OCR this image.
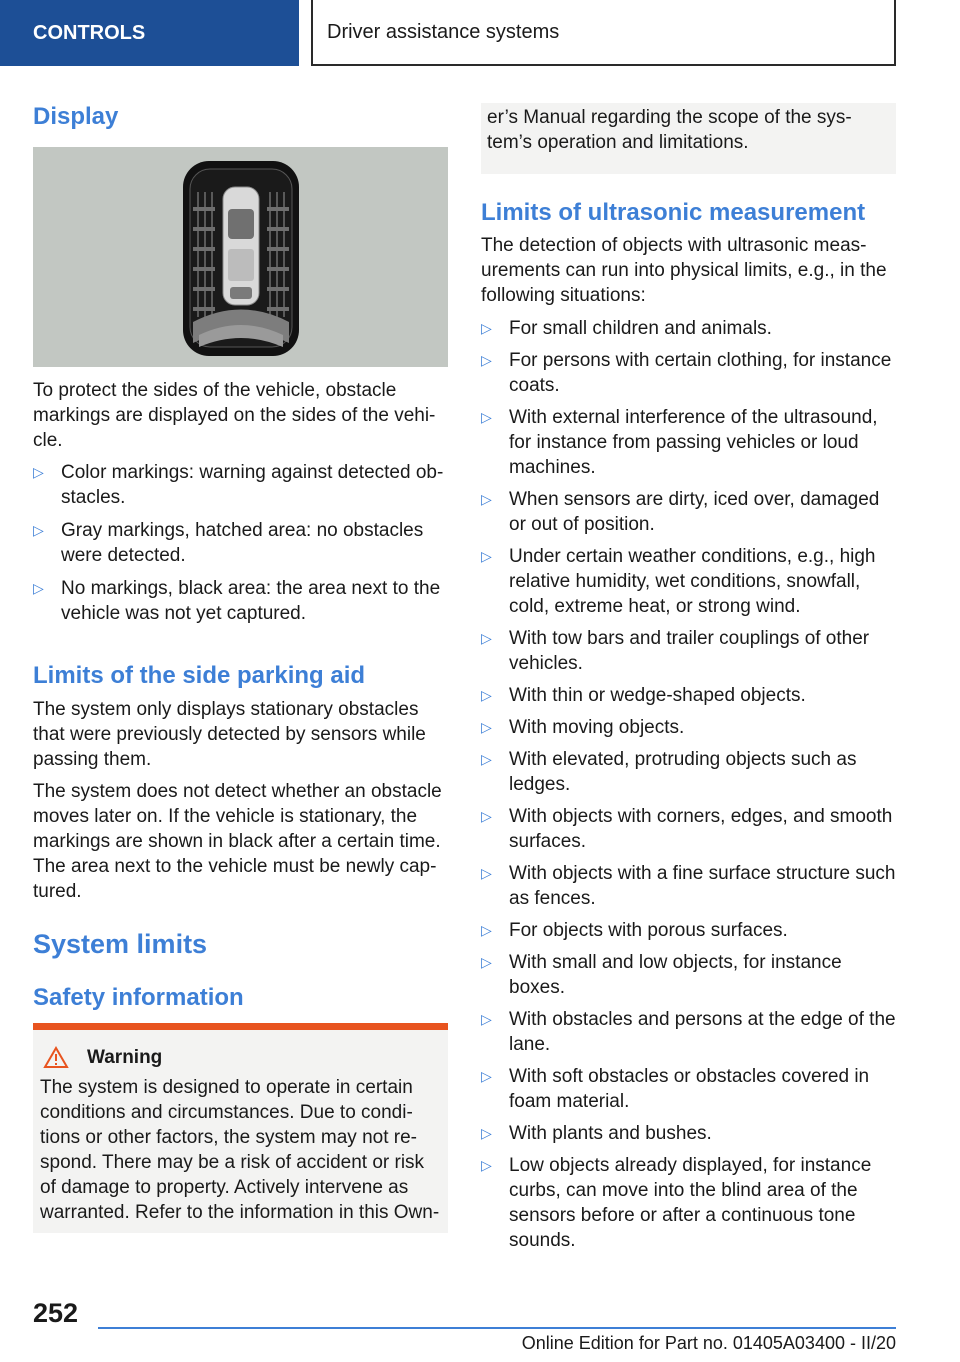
CONTROLS	Driver assistance systems
Display

To protect the sides of the vehicle, obstacle markings are displayed on the sides of the vehi-cle.

▷ Color markings: warning against detected ob-stacles.
▷ Gray markings, hatched area: no obstacles were detected.
▷ No markings, black area: the area next to the vehicle was not yet captured.
Limits of the side parking aid

The system only displays stationary obstacles that were previously detected by sensors while passing them.

The system does not detect whether an obstacle moves later on. If the vehicle is stationary, the markings are shown in black after a certain time. The area next to the vehicle must be newly cap-tured.

System limits
Safety information
Warning

The system is designed to operate in certain conditions and circumstances. Due to condi-tions or other factors, the system may not re-spond. There may be a risk of accident or risk of damage to property. Actively intervene as warranted. Refer to the information in this Own-

er’s Manual regarding the scope of the sys-tem’s operation and limitations.

Limits of ultrasonic measurement

The detection of objects with ultrasonic meas-urements can run into physical limits, e.g., in the following situations:

▷ For small children and animals.
▷ For persons with certain clothing, for instance coats.
▷ With external interference of the ultrasound, for instance from passing vehicles or loud machines.
▷ When sensors are dirty, iced over, damaged or out of position.
▷ Under certain weather conditions, e.g., high relative humidity, wet conditions, snowfall, cold, extreme heat, or strong wind.
▷ With tow bars and trailer couplings of other vehicles.
▷ With thin or wedge-shaped objects.
▷ With moving objects.
▷ With elevated, protruding objects such as ledges.
▷ With objects with corners, edges, and smooth surfaces.
▷ With objects with a fine surface structure such as fences.
▷ For objects with porous surfaces.
▷ With small and low objects, for instance boxes.
▷ With obstacles and persons at the edge of the lane.
▷ With soft obstacles or obstacles covered in foam material.
▷ With plants and bushes.
▷ Low objects already displayed, for instance curbs, can move into the blind area of the sensors before or after a continuous tone sounds.
252
Online Edition for Part no. 01405A03400 - II/20
